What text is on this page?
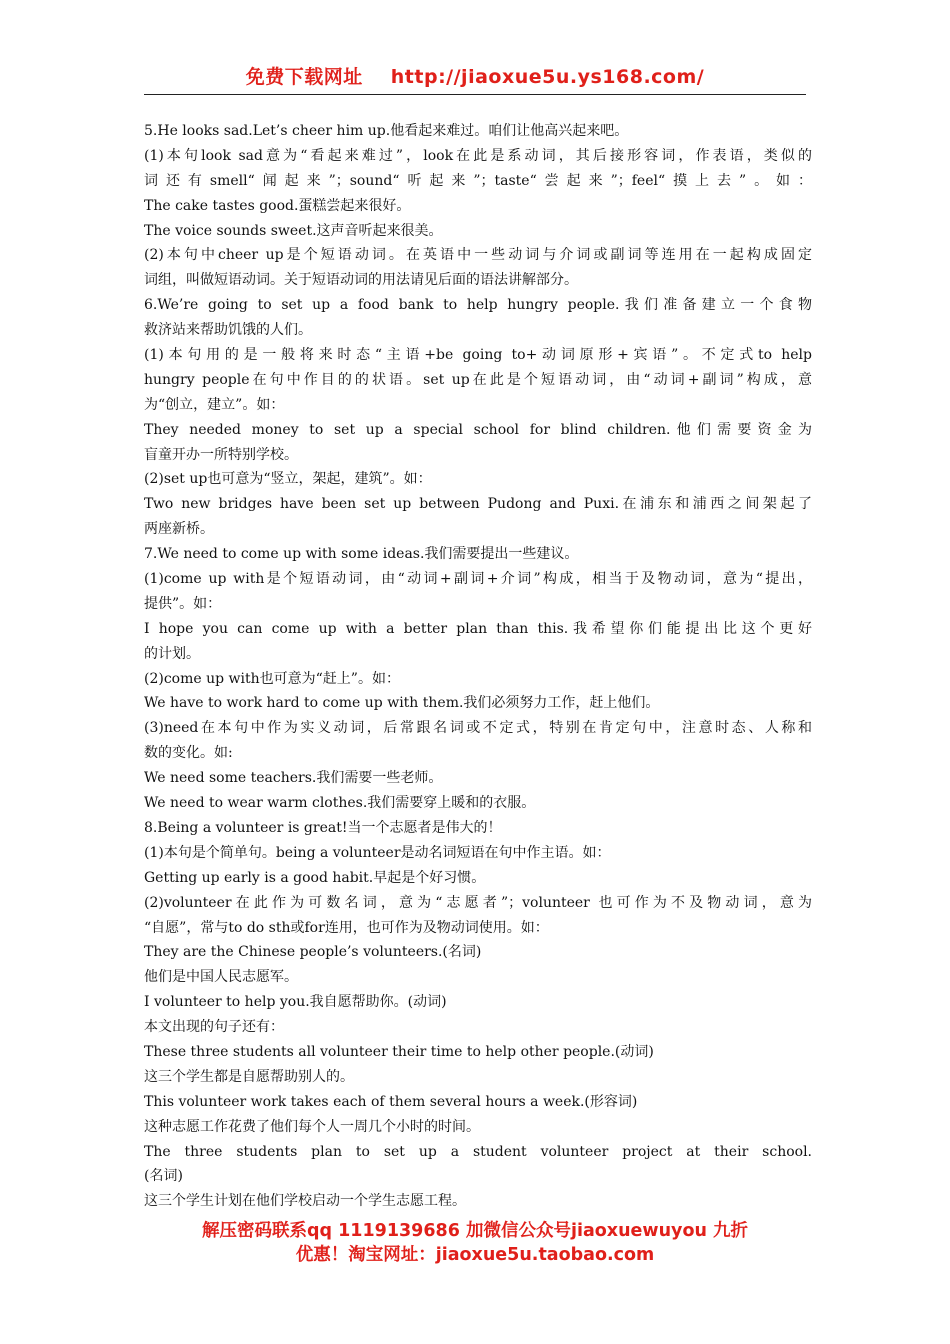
免费下载网址 http://jiaoxue5u.ys168.com/
5.He looks sad.Let’s cheer him up.他看起来难过。咱们让他高兴起来吧。
(1)本句look sad意为“看起来难过”，look在此是系动词，其后接形容词，作表语，类似的
词还有smell“闻起来”；sound“听起来”；taste“尝起来”；feel“摸上去”。如：
The cake tastes good.蛋糕尝起来很好。
The voice sounds sweet.这声音听起来很美。
(2)本句中cheer up是个短语动词。在英语中一些动词与介词或副词等连用在一起构成固定
词组，叫做短语动词。关于短语动词的用法请见后面的语法讲解部分。
6.We’re going to set up a food bank to help hungry people.我们准备建立一个食物
救济站来帮助饥饿的人们。
(1)本句用的是一般将来时态“主语+be going to+动词原形+宾语”。不定式to help
hungry people在句中作目的的状语。set up在此是个短语动词，由“动词+副词”构成，意
为“创立，建立”。如：
They needed money to set up a special school for blind children.他们需要资金为
盲童开办一所特别学校。
(2)set up也可意为“竖立，架起，建筑”。如：
Two new bridges have been set up between Pudong and Puxi.在浦东和浦西之间架起了
两座新桥。
7.We need to come up with some ideas.我们需要提出一些建议。
(1)come up with是个短语动词，由“动词+副词+介词”构成，相当于及物动词，意为“提出，
提供”。如：
I hope you can come up with a better plan than this.我希望你们能提出比这个更好
的计划。
(2)come up with也可意为“赶上”。如：
We have to work hard to come up with them.我们必须努力工作，赶上他们。
(3)need在本句中作为实义动词，后常跟名词或不定式，特别在肯定句中，注意时态、人称和
数的变化。如:
We need some teachers.我们需要一些老师。
We need to wear warm clothes.我们需要穿上暖和的衣服。
8.Being a volunteer is great!当一个志愿者是伟大的！
(1)本句是个简单句。being a volunteer是动名词短语在句中作主语。如：
Getting up early is a good habit.早起是个好习惯。
(2)volunteer在此作为可数名词，意为“志愿者”；volunteer 也可作为不及物动词，意为
“自愿”，常与to do sth或for连用，也可作为及物动词使用。如：
They are the Chinese people’s volunteers.(名词)
他们是中国人民志愿军。
I volunteer to help you.我自愿帮助你。(动词)
本文出现的句子还有：
These three students all volunteer their time to help other people.(动词)
这三个学生都是自愿帮助别人的。
This volunteer work takes each of them several hours a week.(形容词)
这种志愿工作花费了他们每个人一周几个小时的时间。
The three students plan to set up a student volunteer project at their school.
(名词)
这三个学生计划在他们学校启动一个学生志愿工程。
解压密码联系qq 1119139686 加微信公众号jiaoxuewuyou 九折
优惠！淘宝网址：jiaoxue5u.taobao.com
